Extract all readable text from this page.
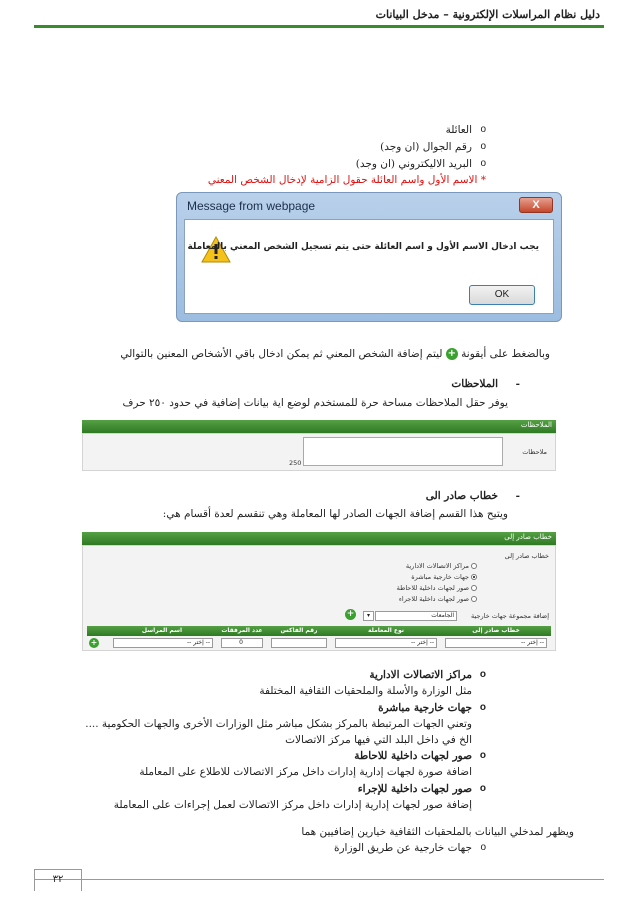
دليل نظام المراسلات الإلكترونية – مدخل البيانات
o العائلة
o رقم الجوال (ان وجد)
o البريد الاليكتروني (ان وجد)
* الاسم الأول واسم العائلة حقول الزامية لإدخال الشخص المعني
Message from webpage	X
يجب ادخال الاسم الأول و اسم العائلة حتى يتم تسجيل الشخص المعني بالمعاملة
OK
وبالضغط على أيقونة + ليتم إضافة الشخص المعني ثم يمكن ادخال باقي الأشخاص المعنين بالتوالي
- الملاحظات
يوفر حقل الملاحظات مساحة حرة للمستخدم لوضع اية بيانات إضافية في حدود ٢٥٠ حرف
الملاحظات
ملاحظات
250
- خطاب صادر الى
ويتيح هذا القسم إضافة الجهات الصادر لها المعاملة وهي تنقسم لعدة أقسام هي:
خطاب صادر إلى
خطاب صادر إلى
مراكز الاتصالات الادارية
جهات خارجية مباشرة
صور لجهات داخلية للاحاطة
صور لجهات داخلية للاجراء
إضافة مجموعة جهات خارجية
الجامعات
▾
+
خطاب صادر إلى
نوع المعاملة
رقم الفاكس
عدد المرفقات
اسم المراسل
-- إختر --
-- إختر --
0
-- إختر --
+
o مراكز الاتصالات الادارية
مثل الوزارة والأسلة والملحقيات الثقافية المختلفة
o جهات خارجية مباشرة
وتعني الجهات المرتبطة بالمركز بشكل مباشر مثل الوزارات الأخرى والجهات الحكومية ....
الخ في داخل البلد التي فيها مركز الاتصالات
o صور لجهات داخلية للاحاطة
اضافة صورة لجهات إدارية إدارات داخل مركز الاتصالات للاطلاع على المعاملة
o صور لجهات داخلية للإجراء
إضافة صور لجهات إدارية إدارات داخل مركز الاتصالات لعمل إجراءات على المعاملة
ويظهر لمدخلي البيانات بالملحقيات الثقافية خيارين إضافيين هما
o جهات خارجية عن طريق الوزارة
٣٢
